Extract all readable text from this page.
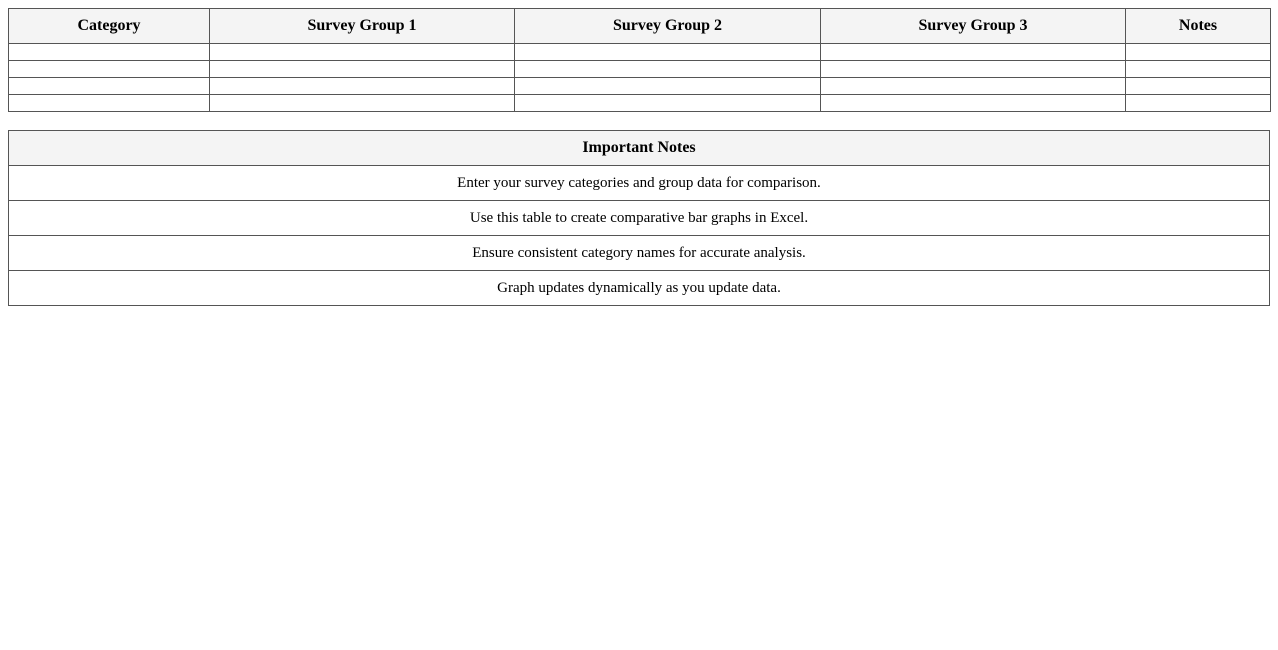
Category	Survey Group 1	Survey Group 2	Survey Group 3	Notes

Important Notes
Enter your survey categories and group data for comparison.
Use this table to create comparative bar graphs in Excel.
Ensure consistent category names for accurate analysis.
Graph updates dynamically as you update data.
